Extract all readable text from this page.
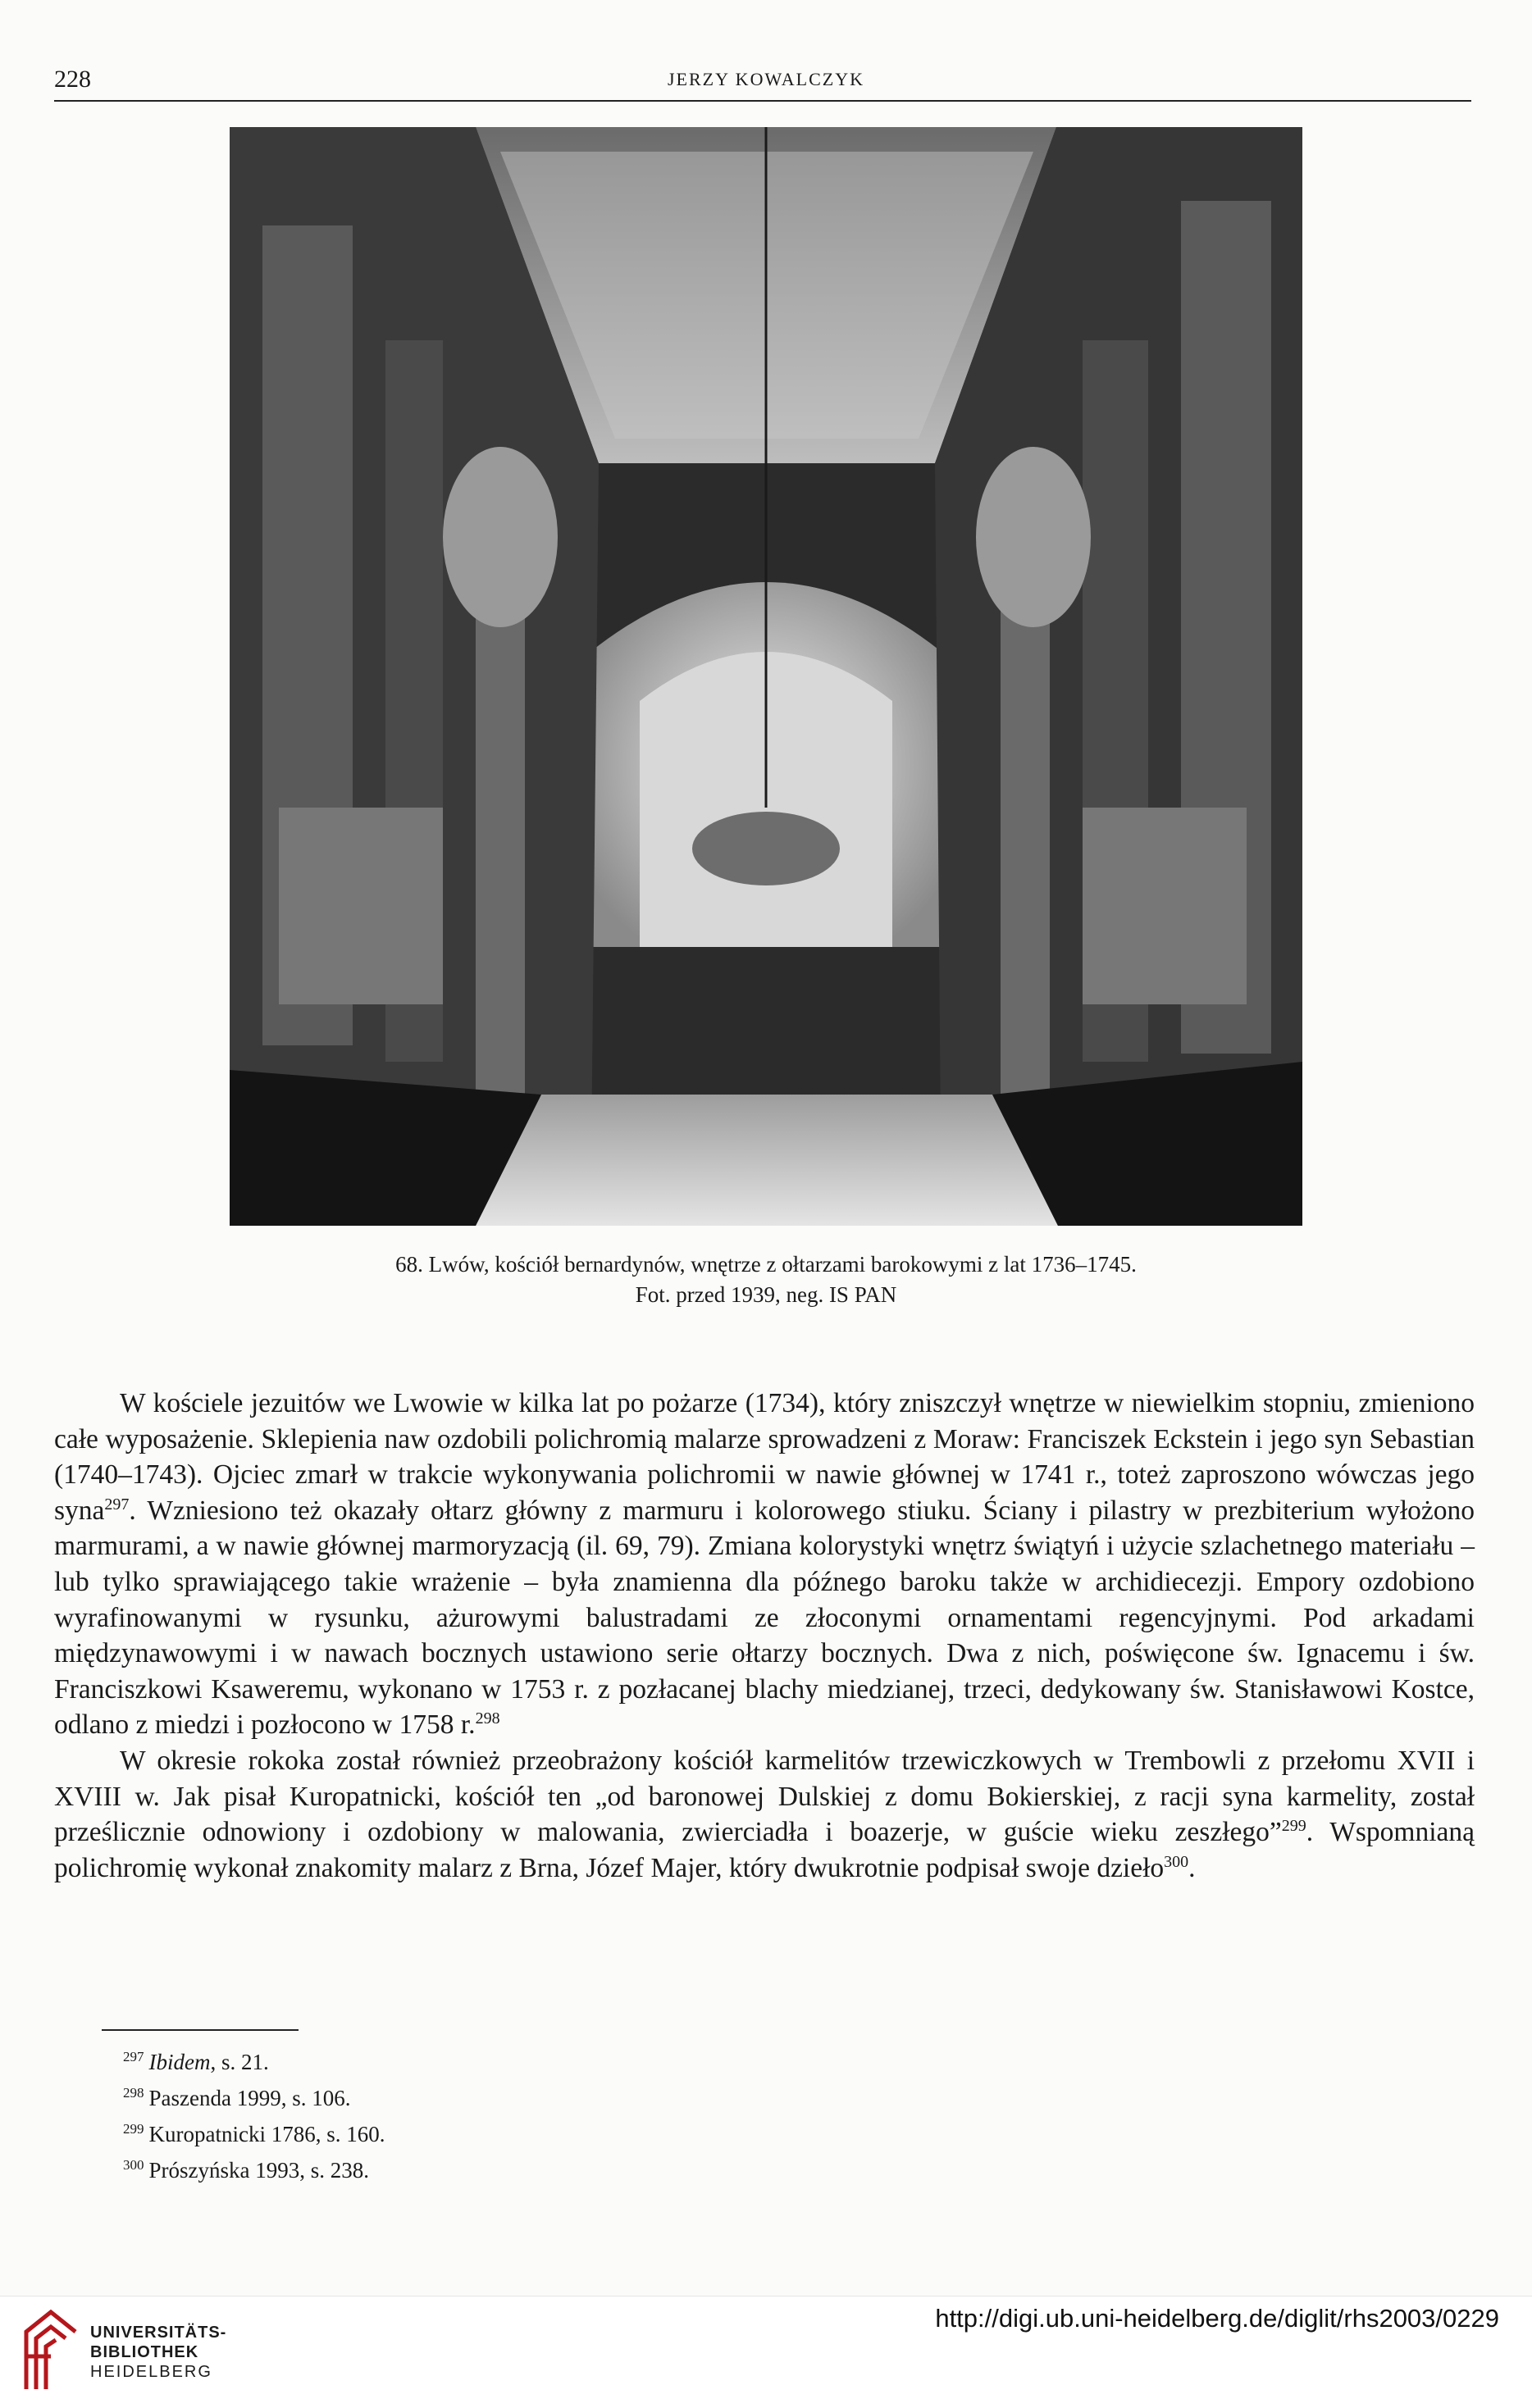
228	JERZY KOWALCZYK
68. Lwów, kościół bernardynów, wnętrze z ołtarzami barokowymi z lat 1736–1745.
Fot. przed 1939, neg. IS PAN

W kościele jezuitów we Lwowie w kilka lat po pożarze (1734), który zniszczył wnętrze w niewielkim stopniu, zmieniono całe wyposażenie. Sklepienia naw ozdobili polichromią malarze sprowadzeni z Moraw: Franciszek Eckstein i jego syn Sebastian (1740–1743). Ojciec zmarł w trakcie wykonywania polichromii w nawie głównej w 1741 r., toteż zaproszono wówczas jego syna$^{297}$. Wzniesiono też okazały ołtarz główny z marmuru i kolorowego stiuku. Ściany i pilastry w prezbiterium wyłożono marmurami, a w nawie głównej marmoryzacją (il. 69, 79). Zmiana kolorystyki wnętrz świątyń i użycie szlachetnego materiału – lub tylko sprawiającego takie wrażenie – była znamienna dla późnego baroku także w archidiecezji. Empory ozdobiono wyrafinowanymi w rysunku, ażurowymi balustradami ze złoconymi ornamentami regencyjnymi. Pod arkadami międzynawowymi i w nawach bocznych ustawiono serie ołtarzy bocznych. Dwa z nich, poświęcone św. Ignacemu i św. Franciszkowi Ksaweremu, wykonano w 1753 r. z pozłacanej blachy miedzianej, trzeci, dedykowany św. Stanisławowi Kostce, odlano z miedzi i pozłocono w 1758 r.$^{298}$

W okresie rokoka został również przeobrażony kościół karmelitów trzewiczkowych w Trembowli z przełomu XVII i XVIII w. Jak pisał Kuropatnicki, kościół ten „od baronowej Dulskiej z domu Bokierskiej, z racji syna karmelity, został prześlicznie odnowiony i ozdobiony w malowania, zwierciadła i boazerje, w guście wieku zeszłego”$^{299}$. Wspomnianą polichromię wykonał znakomity malarz z Brna, Józef Majer, który dwukrotnie podpisał swoje dzieło$^{300}$.

$^{297}$ Ibidem, s. 21.
$^{298}$ Paszenda 1999, s. 106.
$^{299}$ Kuropatnicki 1786, s. 160.
$^{300}$ Prószyńska 1993, s. 238.
UNIVERSITÄTS-
BIBLIOTHEK
HEIDELBERG
http://digi.ub.uni-heidelberg.de/diglit/rhs2003/0229
